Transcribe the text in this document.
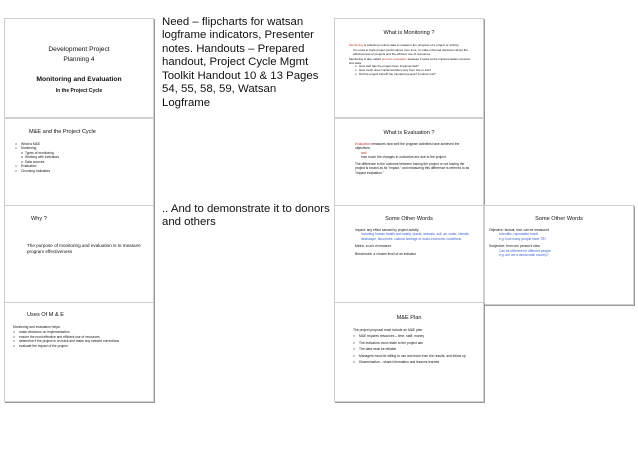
Development Project
Planning 4
Monitoring and Evaluation
In the Project Cycle
Need – flipcharts for watsan logframe indicators, Presenter notes. Handouts – Prepared handout, Project Cycle Mgmt Toolkit Handout 10 & 13 Pages 54, 55, 58, 59, Watsan Logframe
What is Monitoring ?
Monitoring is collecting routine data to measure the progress of a project or activity.
It is used to track project performance over time, to make informed decisions about the effectiveness of projects and the efficient use of resources.
Monitoring is also called process evaluation because it looks at the implementation process and asks:
o How well has the project been implemented?
o How much does implementation vary from site to site?
o Did the project benefit the intended people? At what cost?
M&E and the Project Cycle
□ What is M&E
□ Monitoring
o Types of monitoring
o Working with Indicators
o Data sources
□ Evaluation
□ Choosing Indicators
What is Evaluation ?
Evaluation measures how well the program activities have achieved the objectives,
and
how much the changes in outcomes are due to the project.
The difference in the outcome between having the project or not having the project is known as its "impact," and measuring this difference is referred to as "impact evaluation."
.. And to demonstrate it to donors and others
Why ?
The purpose of monitoring and evaluation is to measure program effectiveness
Some Other Words
Impact: any effect caused by project activity
including human health and safety, plants, animals, soil, air, water, climate, landscape, structures, cultural heritage or socio-economic conditions.
Metric: a unit of measure
Benchmark: a chosen level of an indicator
Some Other Words
Objective: factual, real, can be measured
scientific, repeatable result
e.g. how many people have TB?
Subjective: from one person's view
Can be different for different people
e.g. are we a democratic country?
Uses Of M & E
Monitoring and evaluation helps:
□ make decisions on implementation
□ ensure the most effective and efficient use of resources
□ determine if the project is on track and make any needed corrections
□ evaluate the impact of the project
M&E Plan
The project proposal must include an M&E plan
□ M&E requires resources – time, staff, money
□ The indicators must relate to the project aim
□ The data must be reliable
□ Managers must be willing to use and learn from the results, and follow up
□ Dissemination – share information and lessons learned
